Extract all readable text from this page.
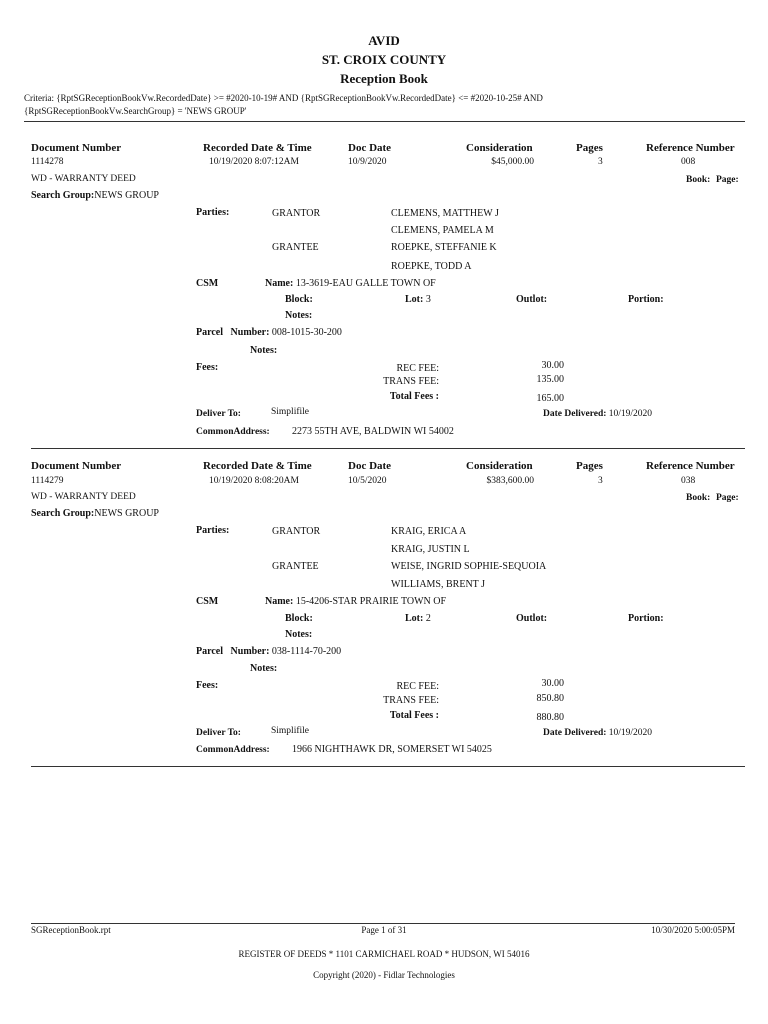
AVID
ST. CROIX COUNTY
Reception Book
Criteria: {RptSGReceptionBookVw.RecordedDate} >= #2020-10-19# AND {RptSGReceptionBookVw.RecordedDate} <= #2020-10-25# AND
{RptSGReceptionBookVw.SearchGroup} = 'NEWS GROUP'
Document Number	Recorded Date & Time	Doc Date	Consideration	Pages	Reference Number
1114278	10/19/2020 8:07:12AM	10/9/2020	$45,000.00	3	008
WD - WARRANTY DEED	Book: Page:
Search Group:NEWS GROUP
Parties:	GRANTOR	CLEMENS, MATTHEW J
CLEMENS, PAMELA M
GRANTEE	ROEPKE, STEFFANIE K
ROEPKE, TODD A
CSM	Name: 13-3619-EAU GALLE TOWN OF
Block:	Lot: 3	Outlot:	Portion:
Notes:
Parcel Number: 008-1015-30-200
Notes:
Fees:	REC FEE:	30.00
TRANS FEE:	135.00
Total Fees :	165.00
Deliver To:	Simplifile	Date Delivered: 10/19/2020
CommonAddress: 2273 55TH AVE, BALDWIN WI 54002
Document Number	Recorded Date & Time	Doc Date	Consideration	Pages	Reference Number
1114279	10/19/2020 8:08:20AM	10/5/2020	$383,600.00	3	038
WD - WARRANTY DEED	Book: Page:
Search Group:NEWS GROUP
Parties:	GRANTOR	KRAIG, ERICA A
KRAIG, JUSTIN L
GRANTEE	WEISE, INGRID SOPHIE-SEQUOIA
WILLIAMS, BRENT J
CSM	Name: 15-4206-STAR PRAIRIE TOWN OF
Block:	Lot: 2	Outlot:	Portion:
Notes:
Parcel Number: 038-1114-70-200
Notes:
Fees:	REC FEE:	30.00
TRANS FEE:	850.80
Total Fees :	880.80
Deliver To:	Simplifile	Date Delivered: 10/19/2020
CommonAddress: 1966 NIGHTHAWK DR, SOMERSET WI 54025
SGReceptionBook.rpt	Page 1 of 31	10/30/2020 5:00:05PM
REGISTER OF DEEDS * 1101 CARMICHAEL ROAD * HUDSON, WI 54016
Copyright (2020) - Fidlar Technologies
